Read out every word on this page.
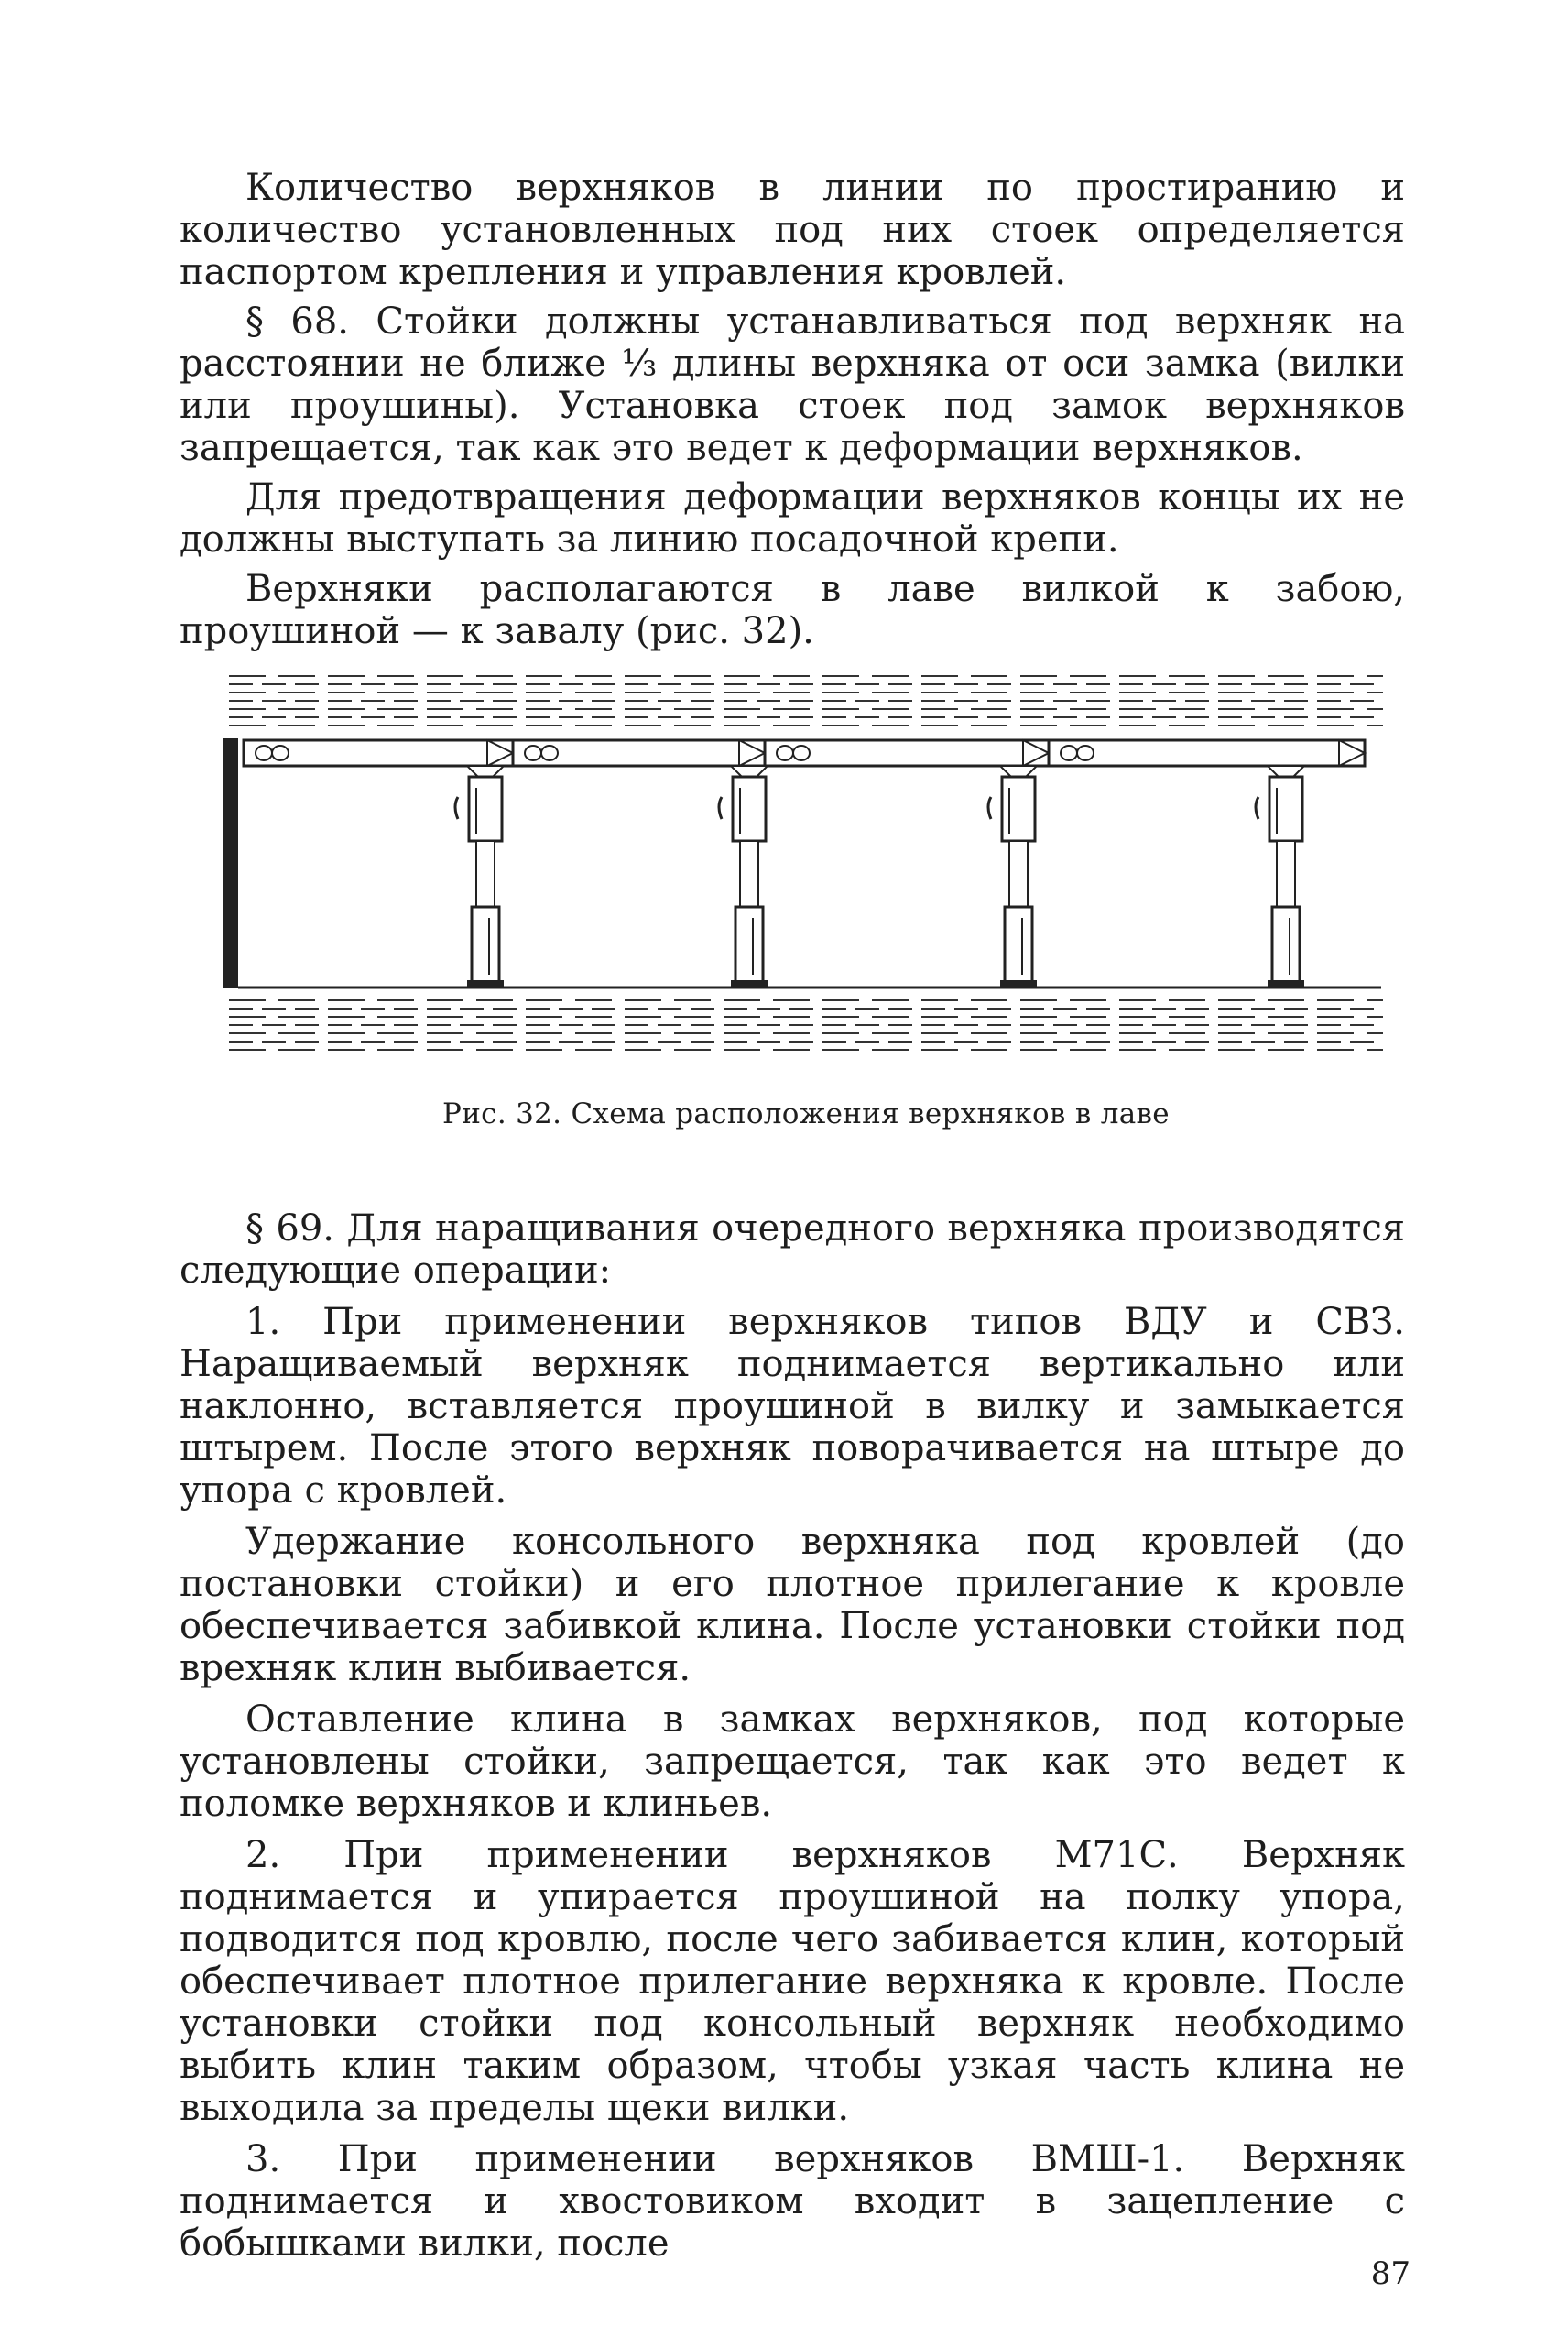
Количество верхняков в линии по простиранию и количество установленных под них стоек определяется паспортом крепления и управления кровлей.

§ 68. Стойки должны устанавливаться под верхняк на расстоянии не ближе ⅓ длины верхняка от оси замка (вилки или проушины). Установка стоек под замок верхняков запрещается, так как это ведет к деформации верхняков.

Для предотвращения деформации верхняков концы их не должны выступать за линию посадочной крепи.

Верхняки располагаются в лаве вилкой к забою, проушиной — к завалу (рис. 32).

Рис. 32. Схема расположения верхняков в лаве

§ 69. Для наращивания очередного верхняка производятся следующие операции:

1. При применении верхняков типов ВДУ и СВЗ. Наращиваемый верхняк поднимается вертикально или наклонно, вставляется проушиной в вилку и замыкается штырем. После этого верхняк поворачивается на штыре до упора с кровлей.

Удержание консольного верхняка под кровлей (до постановки стойки) и его плотное прилегание к кровле обеспечивается забивкой клина. После установки стойки под врехняк клин выбивается.

Оставление клина в замках верхняков, под которые установлены стойки, запрещается, так как это ведет к поломке верхняков и клиньев.

2. При применении верхняков М71С. Верхняк поднимается и упирается проушиной на полку упора, подводится под кровлю, после чего забивается клин, который обеспечивает плотное прилегание верхняка к кровле. После установки стойки под консольный верхняк необходимо выбить клин таким образом, чтобы узкая часть клина не выходила за пределы щеки вилки.

3. При применении верхняков ВМШ-1. Верхняк поднимается и хвостовиком входит в зацепление с бобышками вилки, после

87
